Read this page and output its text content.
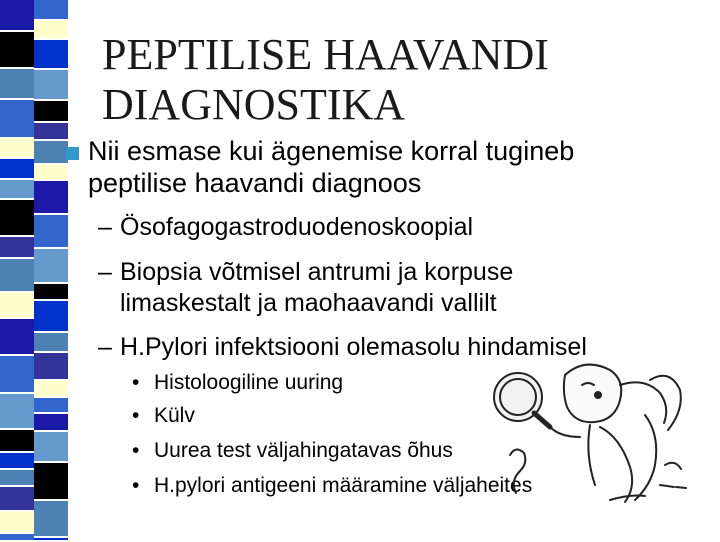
PEPTILISE HAAVANDI
DIAGNOSTIKA
Nii esmase kui ägenemise korral tugineb
peptilise haavandi diagnoos
– Ösofagogastroduodenoskoopial
– Biopsia võtmisel antrumi ja korpuse
limaskestalt ja maohaavandi vallilt
– H.Pylori infektsiooni olemasolu hindamisel
• Histoloogiline uuring
• Külv
• Uurea test väljahingatavas õhus
• H.pylori antigeeni määramine väljaheites
